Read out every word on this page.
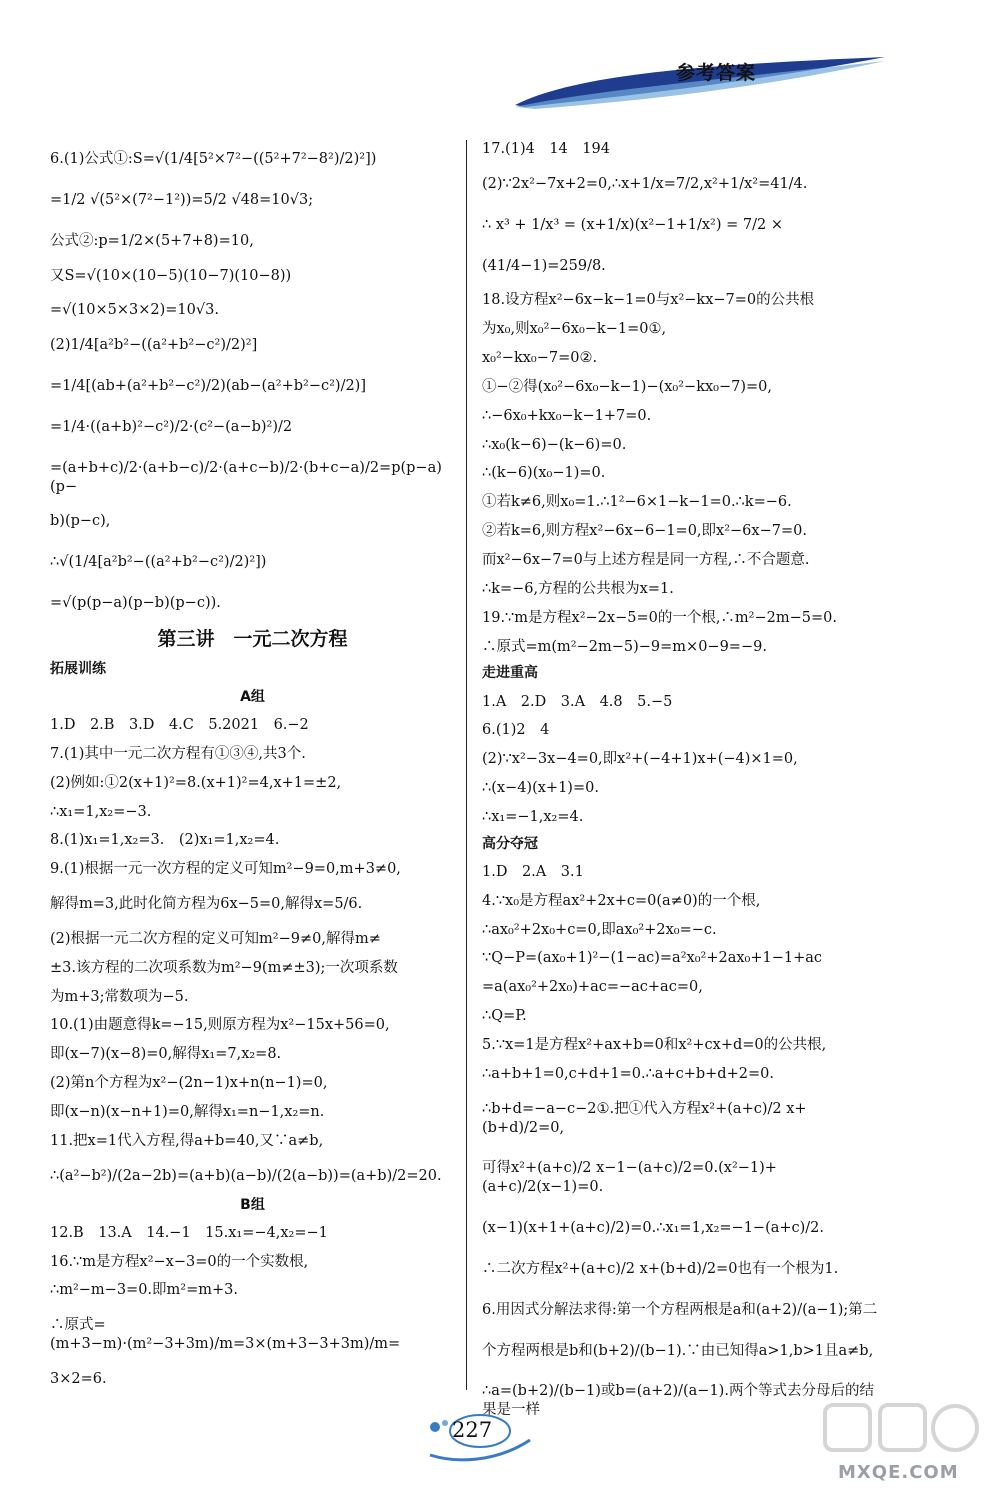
参考答案
6.(1)公式①:S=√(1/4[5²×7²−((5²+7²−8²)/2)²])
=1/2 √(5²×(7²−1²))=5/2 √48=10√3;
公式②:p=1/2×(5+7+8)=10,
又S=√(10×(10−5)(10−7)(10−8))
=√(10×5×3×2)=10√3.
(2)1/4[a²b²−((a²+b²−c²)/2)²]
=1/4[(ab+(a²+b²−c²)/2)(ab−(a²+b²−c²)/2)]
=1/4·((a+b)²−c²)/2·(c²−(a−b)²)/2
=(a+b+c)/2·(a+b−c)/2·(a+c−b)/2·(b+c−a)/2=p(p−a)(p−
b)(p−c),
∴√(1/4[a²b²−((a²+b²−c²)/2)²])
=√(p(p−a)(p−b)(p−c)).
第三讲　一元二次方程
拓展训练
A组
1.D　2.B　3.D　4.C　5.2021　6.−2
7.(1)其中一元二次方程有①③④,共3个.
(2)例如:①2(x+1)²=8.(x+1)²=4,x+1=±2,
∴x₁=1,x₂=−3.
8.(1)x₁=1,x₂=3.　(2)x₁=1,x₂=4.
9.(1)根据一元一次方程的定义可知m²−9=0,m+3≠0,
解得m=3,此时化简方程为6x−5=0,解得x=5/6.
(2)根据一元二次方程的定义可知m²−9≠0,解得m≠
±3.该方程的二次项系数为m²−9(m≠±3);一次项系数
为m+3;常数项为−5.
10.(1)由题意得k=−15,则原方程为x²−15x+56=0,
即(x−7)(x−8)=0,解得x₁=7,x₂=8.
(2)第n个方程为x²−(2n−1)x+n(n−1)=0,
即(x−n)(x−n+1)=0,解得x₁=n−1,x₂=n.
11.把x=1代入方程,得a+b=40,又∵a≠b,
∴(a²−b²)/(2a−2b)=(a+b)(a−b)/(2(a−b))=(a+b)/2=20.
B组
12.B　13.A　14.−1　15.x₁=−4,x₂=−1
16.∵m是方程x²−x−3=0的一个实数根,
∴m²−m−3=0.即m²=m+3.
∴原式=(m+3−m)·(m²−3+3m)/m=3×(m+3−3+3m)/m=
3×2=6.
17.(1)4　14　194
(2)∵2x²−7x+2=0,∴x+1/x=7/2,x²+1/x²=41/4.
∴ x³ + 1/x³ = (x+1/x)(x²−1+1/x²) = 7/2 ×
(41/4−1)=259/8.
18.设方程x²−6x−k−1=0与x²−kx−7=0的公共根
为x₀,则x₀²−6x₀−k−1=0①,
x₀²−kx₀−7=0②.
①−②得(x₀²−6x₀−k−1)−(x₀²−kx₀−7)=0,
∴−6x₀+kx₀−k−1+7=0.
∴x₀(k−6)−(k−6)=0.
∴(k−6)(x₀−1)=0.
①若k≠6,则x₀=1.∴1²−6×1−k−1=0.∴k=−6.
②若k=6,则方程x²−6x−6−1=0,即x²−6x−7=0.
而x²−6x−7=0与上述方程是同一方程,∴不合题意.
∴k=−6,方程的公共根为x=1.
19.∵m是方程x²−2x−5=0的一个根,∴m²−2m−5=0.
∴原式=m(m²−2m−5)−9=m×0−9=−9.
走进重高
1.A　2.D　3.A　4.8　5.−5
6.(1)2　4
(2)∵x²−3x−4=0,即x²+(−4+1)x+(−4)×1=0,
∴(x−4)(x+1)=0.
∴x₁=−1,x₂=4.
高分夺冠
1.D　2.A　3.1
4.∵x₀是方程ax²+2x+c=0(a≠0)的一个根,
∴ax₀²+2x₀+c=0,即ax₀²+2x₀=−c.
∵Q−P=(ax₀+1)²−(1−ac)=a²x₀²+2ax₀+1−1+ac
=a(ax₀²+2x₀)+ac=−ac+ac=0,
∴Q=P.
5.∵x=1是方程x²+ax+b=0和x²+cx+d=0的公共根,
∴a+b+1=0,c+d+1=0.∴a+c+b+d+2=0.
∴b+d=−a−c−2①.把①代入方程x²+(a+c)/2 x+(b+d)/2=0,
可得x²+(a+c)/2 x−1−(a+c)/2=0.(x²−1)+(a+c)/2(x−1)=0.
(x−1)(x+1+(a+c)/2)=0.∴x₁=1,x₂=−1−(a+c)/2.
∴二次方程x²+(a+c)/2 x+(b+d)/2=0也有一个根为1.
6.用因式分解法求得:第一个方程两根是a和(a+2)/(a−1);第二
个方程两根是b和(b+2)/(b−1).∵由已知得a>1,b>1且a≠b,
∴a=(b+2)/(b−1)或b=(a+2)/(a−1).两个等式去分母后的结果是一样
227
MXQE.COM
